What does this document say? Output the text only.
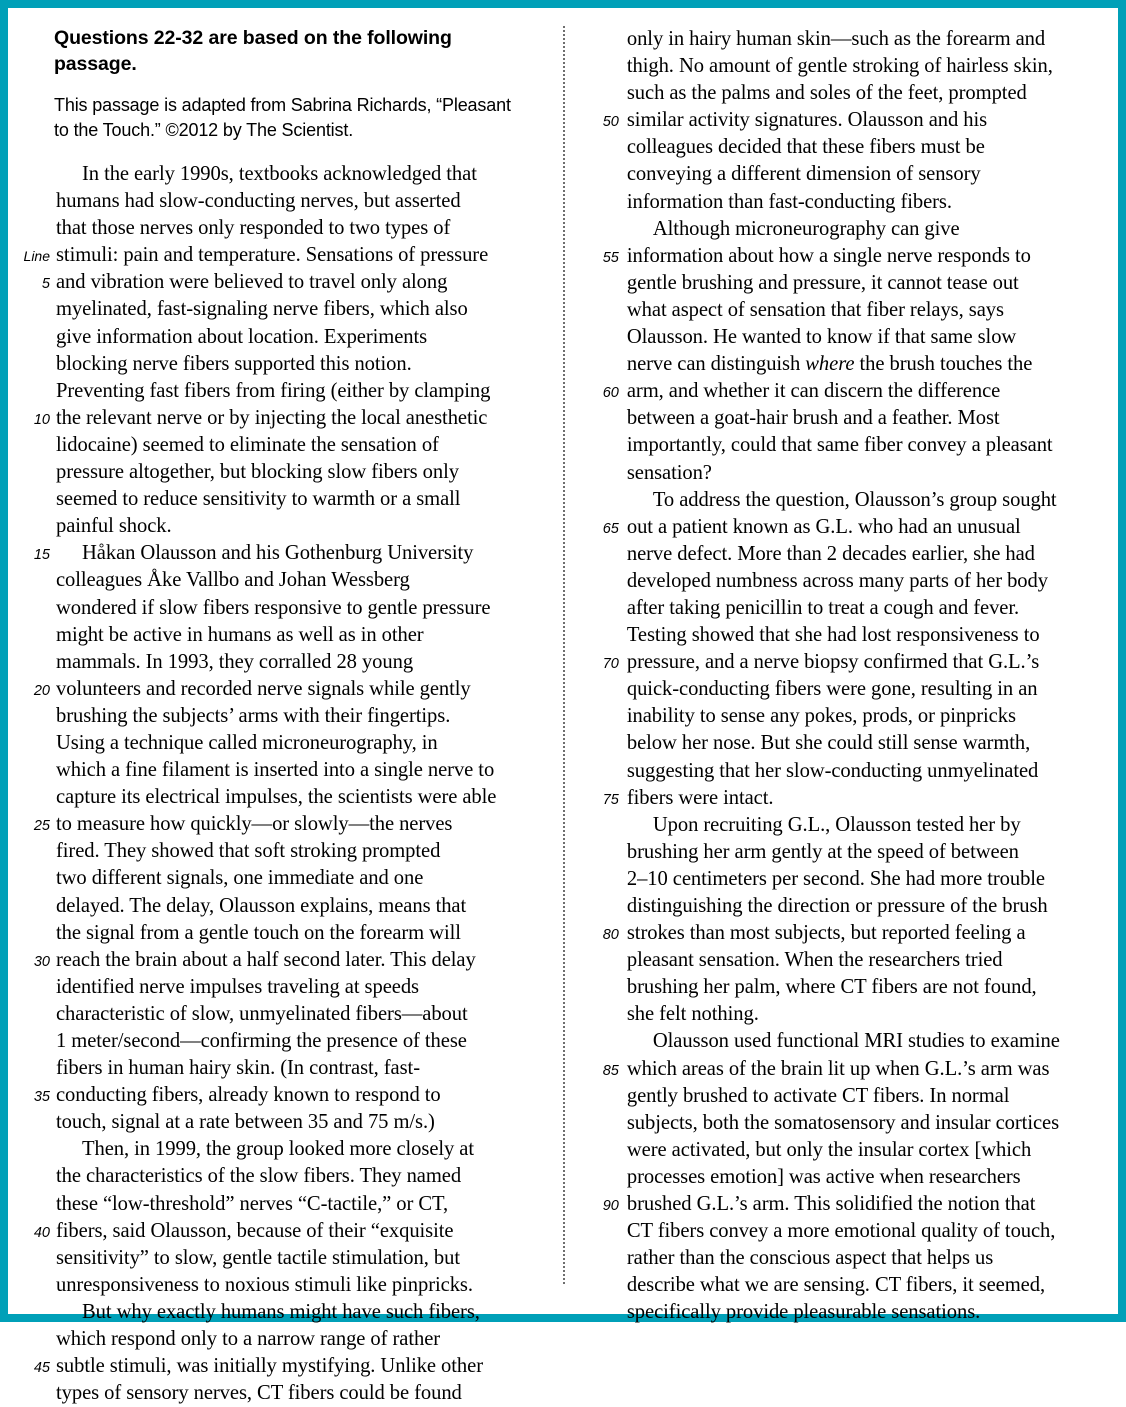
Questions 22-32 are based on the following passage.

This passage is adapted from Sabrina Richards, “Pleasant to the Touch.” ©2012 by The Scientist.

In the early 1990s, textbooks acknowledged that
humans had slow-conducting nerves, but asserted
that those nerves only responded to two types of
Line stimuli: pain and temperature. Sensations of pressure
5 and vibration were believed to travel only along
myelinated, fast-signaling nerve fibers, which also
give information about location. Experiments
blocking nerve fibers supported this notion.
Preventing fast fibers from firing (either by clamping
10 the relevant nerve or by injecting the local anesthetic
lidocaine) seemed to eliminate the sensation of
pressure altogether, but blocking slow fibers only
seemed to reduce sensitivity to warmth or a small
painful shock.
15	Håkan Olausson and his Gothenburg University
colleagues Åke Vallbo and Johan Wessberg
wondered if slow fibers responsive to gentle pressure
might be active in humans as well as in other
mammals. In 1993, they corralled 28 young
20 volunteers and recorded nerve signals while gently
brushing the subjects’ arms with their fingertips.
Using a technique called microneurography, in
which a fine filament is inserted into a single nerve to
capture its electrical impulses, the scientists were able
25 to measure how quickly—or slowly—the nerves
fired. They showed that soft stroking prompted
two different signals, one immediate and one
delayed. The delay, Olausson explains, means that
the signal from a gentle touch on the forearm will
30 reach the brain about a half second later. This delay
identified nerve impulses traveling at speeds
characteristic of slow, unmyelinated fibers—about
1 meter/second—confirming the presence of these
fibers in human hairy skin. (In contrast, fast-
35 conducting fibers, already known to respond to
touch, signal at a rate between 35 and 75 m/s.)
Then, in 1999, the group looked more closely at
the characteristics of the slow fibers. They named
these “low-threshold” nerves “C-tactile,” or CT,
40 fibers, said Olausson, because of their “exquisite
sensitivity” to slow, gentle tactile stimulation, but
unresponsiveness to noxious stimuli like pinpricks.
But why exactly humans might have such fibers,
which respond only to a narrow range of rather
45 subtle stimuli, was initially mystifying. Unlike other
types of sensory nerves, CT fibers could be found
only in hairy human skin—such as the forearm and
thigh. No amount of gentle stroking of hairless skin,
such as the palms and soles of the feet, prompted
50 similar activity signatures. Olausson and his
colleagues decided that these fibers must be
conveying a different dimension of sensory
information than fast-conducting fibers.
Although microneurography can give
55 information about how a single nerve responds to
gentle brushing and pressure, it cannot tease out
what aspect of sensation that fiber relays, says
Olausson. He wanted to know if that same slow
nerve can distinguish where the brush touches the
60 arm, and whether it can discern the difference
between a goat-hair brush and a feather. Most
importantly, could that same fiber convey a pleasant
sensation?
To address the question, Olausson’s group sought
65 out a patient known as G.L. who had an unusual
nerve defect. More than 2 decades earlier, she had
developed numbness across many parts of her body
after taking penicillin to treat a cough and fever.
Testing showed that she had lost responsiveness to
70 pressure, and a nerve biopsy confirmed that G.L.’s
quick-conducting fibers were gone, resulting in an
inability to sense any pokes, prods, or pinpricks
below her nose. But she could still sense warmth,
suggesting that her slow-conducting unmyelinated
75 fibers were intact.
Upon recruiting G.L., Olausson tested her by
brushing her arm gently at the speed of between
2–10 centimeters per second. She had more trouble
distinguishing the direction or pressure of the brush
80 strokes than most subjects, but reported feeling a
pleasant sensation. When the researchers tried
brushing her palm, where CT fibers are not found,
she felt nothing.
Olausson used functional MRI studies to examine
85 which areas of the brain lit up when G.L.’s arm was
gently brushed to activate CT fibers. In normal
subjects, both the somatosensory and insular cortices
were activated, but only the insular cortex [which
processes emotion] was active when researchers
90 brushed G.L.’s arm. This solidified the notion that
CT fibers convey a more emotional quality of touch,
rather than the conscious aspect that helps us
describe what we are sensing. CT fibers, it seemed,
specifically provide pleasurable sensations.
